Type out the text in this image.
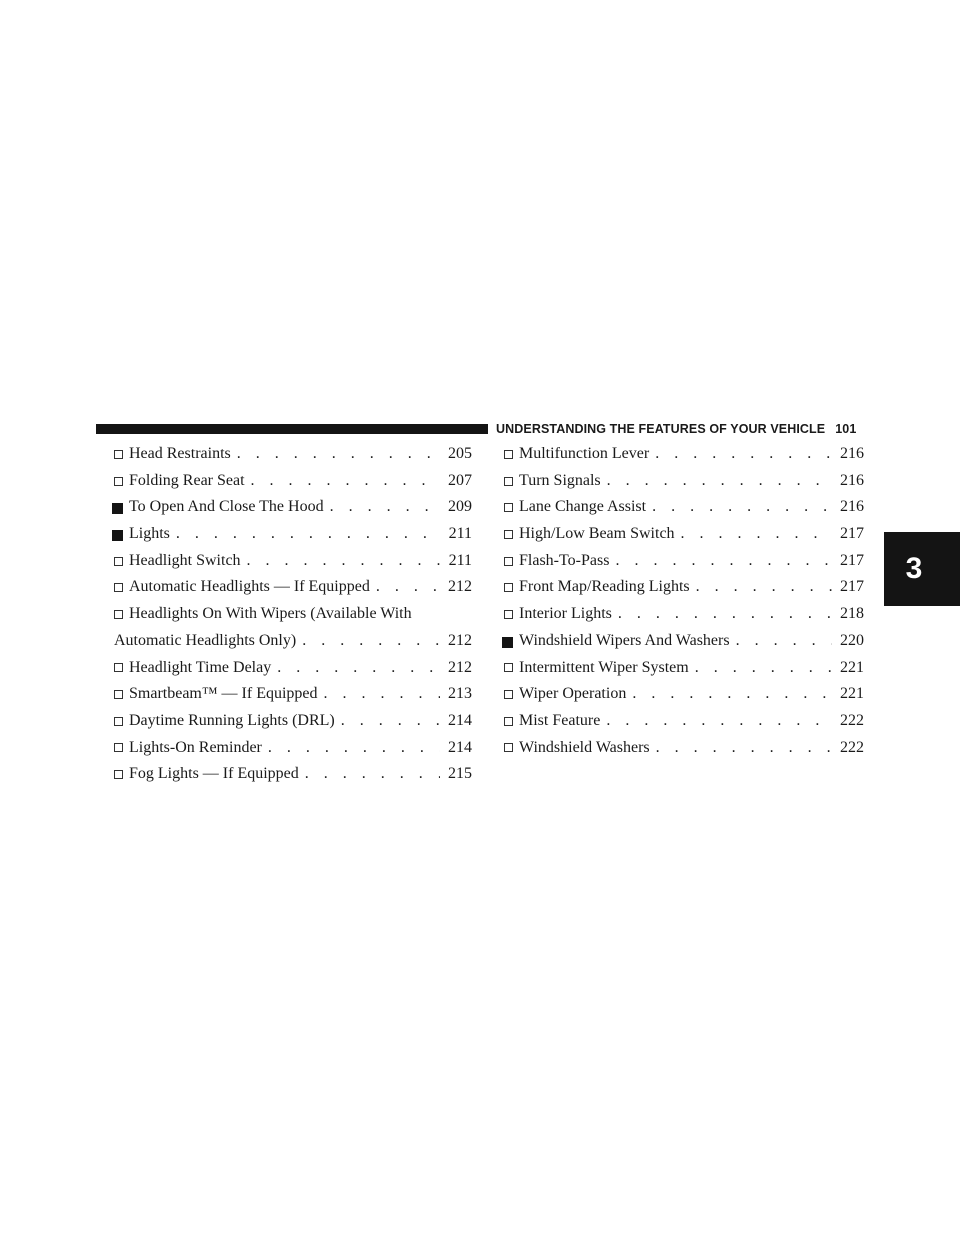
UNDERSTANDING THE FEATURES OF YOUR VEHICLE 101
3
Head Restraints . . .	205
Folding Rear Seat . . .	207
To Open And Close The Hood . . .	209
Lights . . .	211
Headlight Switch . . .	211
Automatic Headlights — If Equipped . . .	212
Headlights On With Wipers (Available With
Automatic Headlights Only) . . .	212
Headlight Time Delay . . .	212
Smartbeam™ — If Equipped . . .	213
Daytime Running Lights (DRL) . . .	214
Lights-On Reminder . . .	214
Fog Lights — If Equipped . . .	215
Multifunction Lever . . .	216
Turn Signals . . .	216
Lane Change Assist . . .	216
High/Low Beam Switch . . .	217
Flash-To-Pass . . .	217
Front Map/Reading Lights . . .	217
Interior Lights . . .	218
Windshield Wipers And Washers . . .	220
Intermittent Wiper System . . .	221
Wiper Operation . . .	221
Mist Feature . . .	222
Windshield Washers . . .	222
